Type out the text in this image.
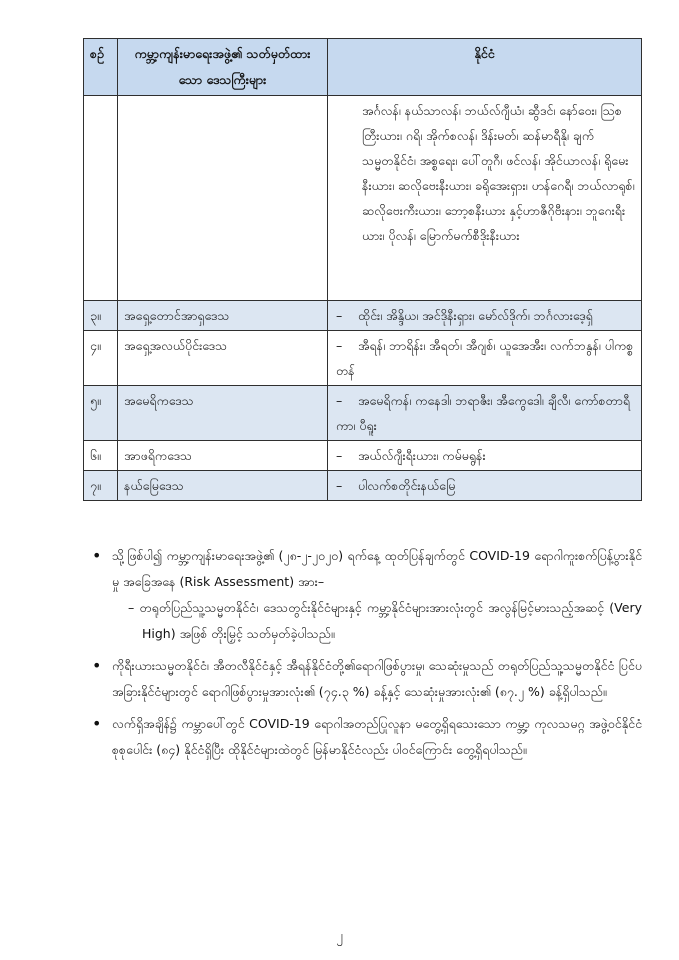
စဉ်	ကမ္ဘာ့ကျန်းမာရေးအဖွဲ့၏ သတ်မှတ်ထားသော ဒေသကြီးများ	နိုင်ငံ

		အင်္ဂလန်၊ နယ်သာလန်၊ ဘယ်လ်ဂျီယံ၊ ဆွီဒင်၊ နော်ဝေး၊ ဩစတြီးယား၊ ဂရိ၊ အိုက်စလန်၊ ဒိန်းမတ်၊ ဆန်မာရီနို၊ ချက်သမ္မတနိုင်ငံ၊ အစ္စရေး၊ ပေါ်တူဂီ၊ ဖင်လန်၊ အိုင်ယာလန်၊ ရိုမေးနီးယား၊ ဆလိုဗေးနီးယား၊ ခရိုအေးရှား၊ ဟန်ဂေရီ၊ ဘယ်လာရုစ်၊ ဆလိုဗေးကီးယား၊ ဘော့စနီးယား နှင့်ဟာဇီဂိုဗီးနား၊ ဘူဂေးရီးယား၊ ပိုလန်၊ မြောက်မက်စီဒိုးနီးယား

၃။	အရှေ့တောင်အာရှဒေသ	– ထိုင်း၊ အိန္ဒိယ၊ အင်ဒိုနီးရှား၊ မော်လ်ဒိုက်၊ ဘင်္ဂလားဒေ့ရှ်
၄။	အရှေ့အလယ်ပိုင်းဒေသ	– အီရန်၊ ဘာရိန်း၊ အီရတ်၊ အီဂျစ်၊ ယူအေအီး၊ လက်ဘနွန်၊ ပါကစ္စတန်
၅။	အမေရိကဒေသ	– အမေရိကန်၊ ကနေဒါ၊ ဘရာဇီး၊ အီကွေဒေါ၊ ချီလီ၊ ကော်စတာရီကာ၊ ပီရူး
၆။	အာဖရိကဒေသ	– အယ်လ်ဂျီးရီးယား၊ ကမ်မရွန်း
၇။	နယ်မြေဒေသ	– ပါလက်စတိုင်းနယ်မြေ
• သို့ဖြစ်ပါ၍ ကမ္ဘာ့ကျန်းမာရေးအဖွဲ့၏ (၂၈-၂-၂၀၂၀) ရက်နေ့ ထုတ်ပြန်ချက်တွင် COVID-19 ရောဂါကူးစက်ပြန့်ပွားနိုင်မှု အခြေအနေ (Risk Assessment) အား–
– တရုတ်ပြည်သူ့သမ္မတနိုင်ငံ၊ ဒေသတွင်းနိုင်ငံများနှင့် ကမ္ဘာ့နိုင်ငံများအားလုံးတွင် အလွန်မြင့်မားသည့်အဆင့် (Very High) အဖြစ် တိုးမြှင့် သတ်မှတ်ခဲ့ပါသည်။
• ကိုရီးယားသမ္မတနိုင်ငံ၊ အီတလီနိုင်ငံနှင့် အီရန်နိုင်ငံတို့၏ရောဂါဖြစ်ပွားမှု၊ သေဆုံးမှုသည် တရုတ်ပြည်သူ့သမ္မတနိုင်ငံ ပြင်ပအခြားနိုင်ငံများတွင် ရောဂါဖြစ်ပွားမှုအားလုံး၏ (၇၄.၃ %) ခန့်နှင့် သေဆုံးမှုအားလုံး၏ (၈၇.၂ %) ခန့်ရှိပါသည်။
• လက်ရှိအချိန်၌ ကမ္ဘာပေါ်တွင် COVID-19 ရောဂါအတည်ပြုလူနာ မတွေ့ရှိရသေးသော ကမ္ဘာ့ ကုလသမဂ္ဂ အဖွဲ့ဝင်နိုင်ငံ စုစုပေါင်း (၈၄) နိုင်ငံရှိပြီး ထိုနိုင်ငံများထဲတွင် မြန်မာနိုင်ငံလည်း ပါဝင်ကြောင်း တွေ့ရှိရပါသည်။
၂
